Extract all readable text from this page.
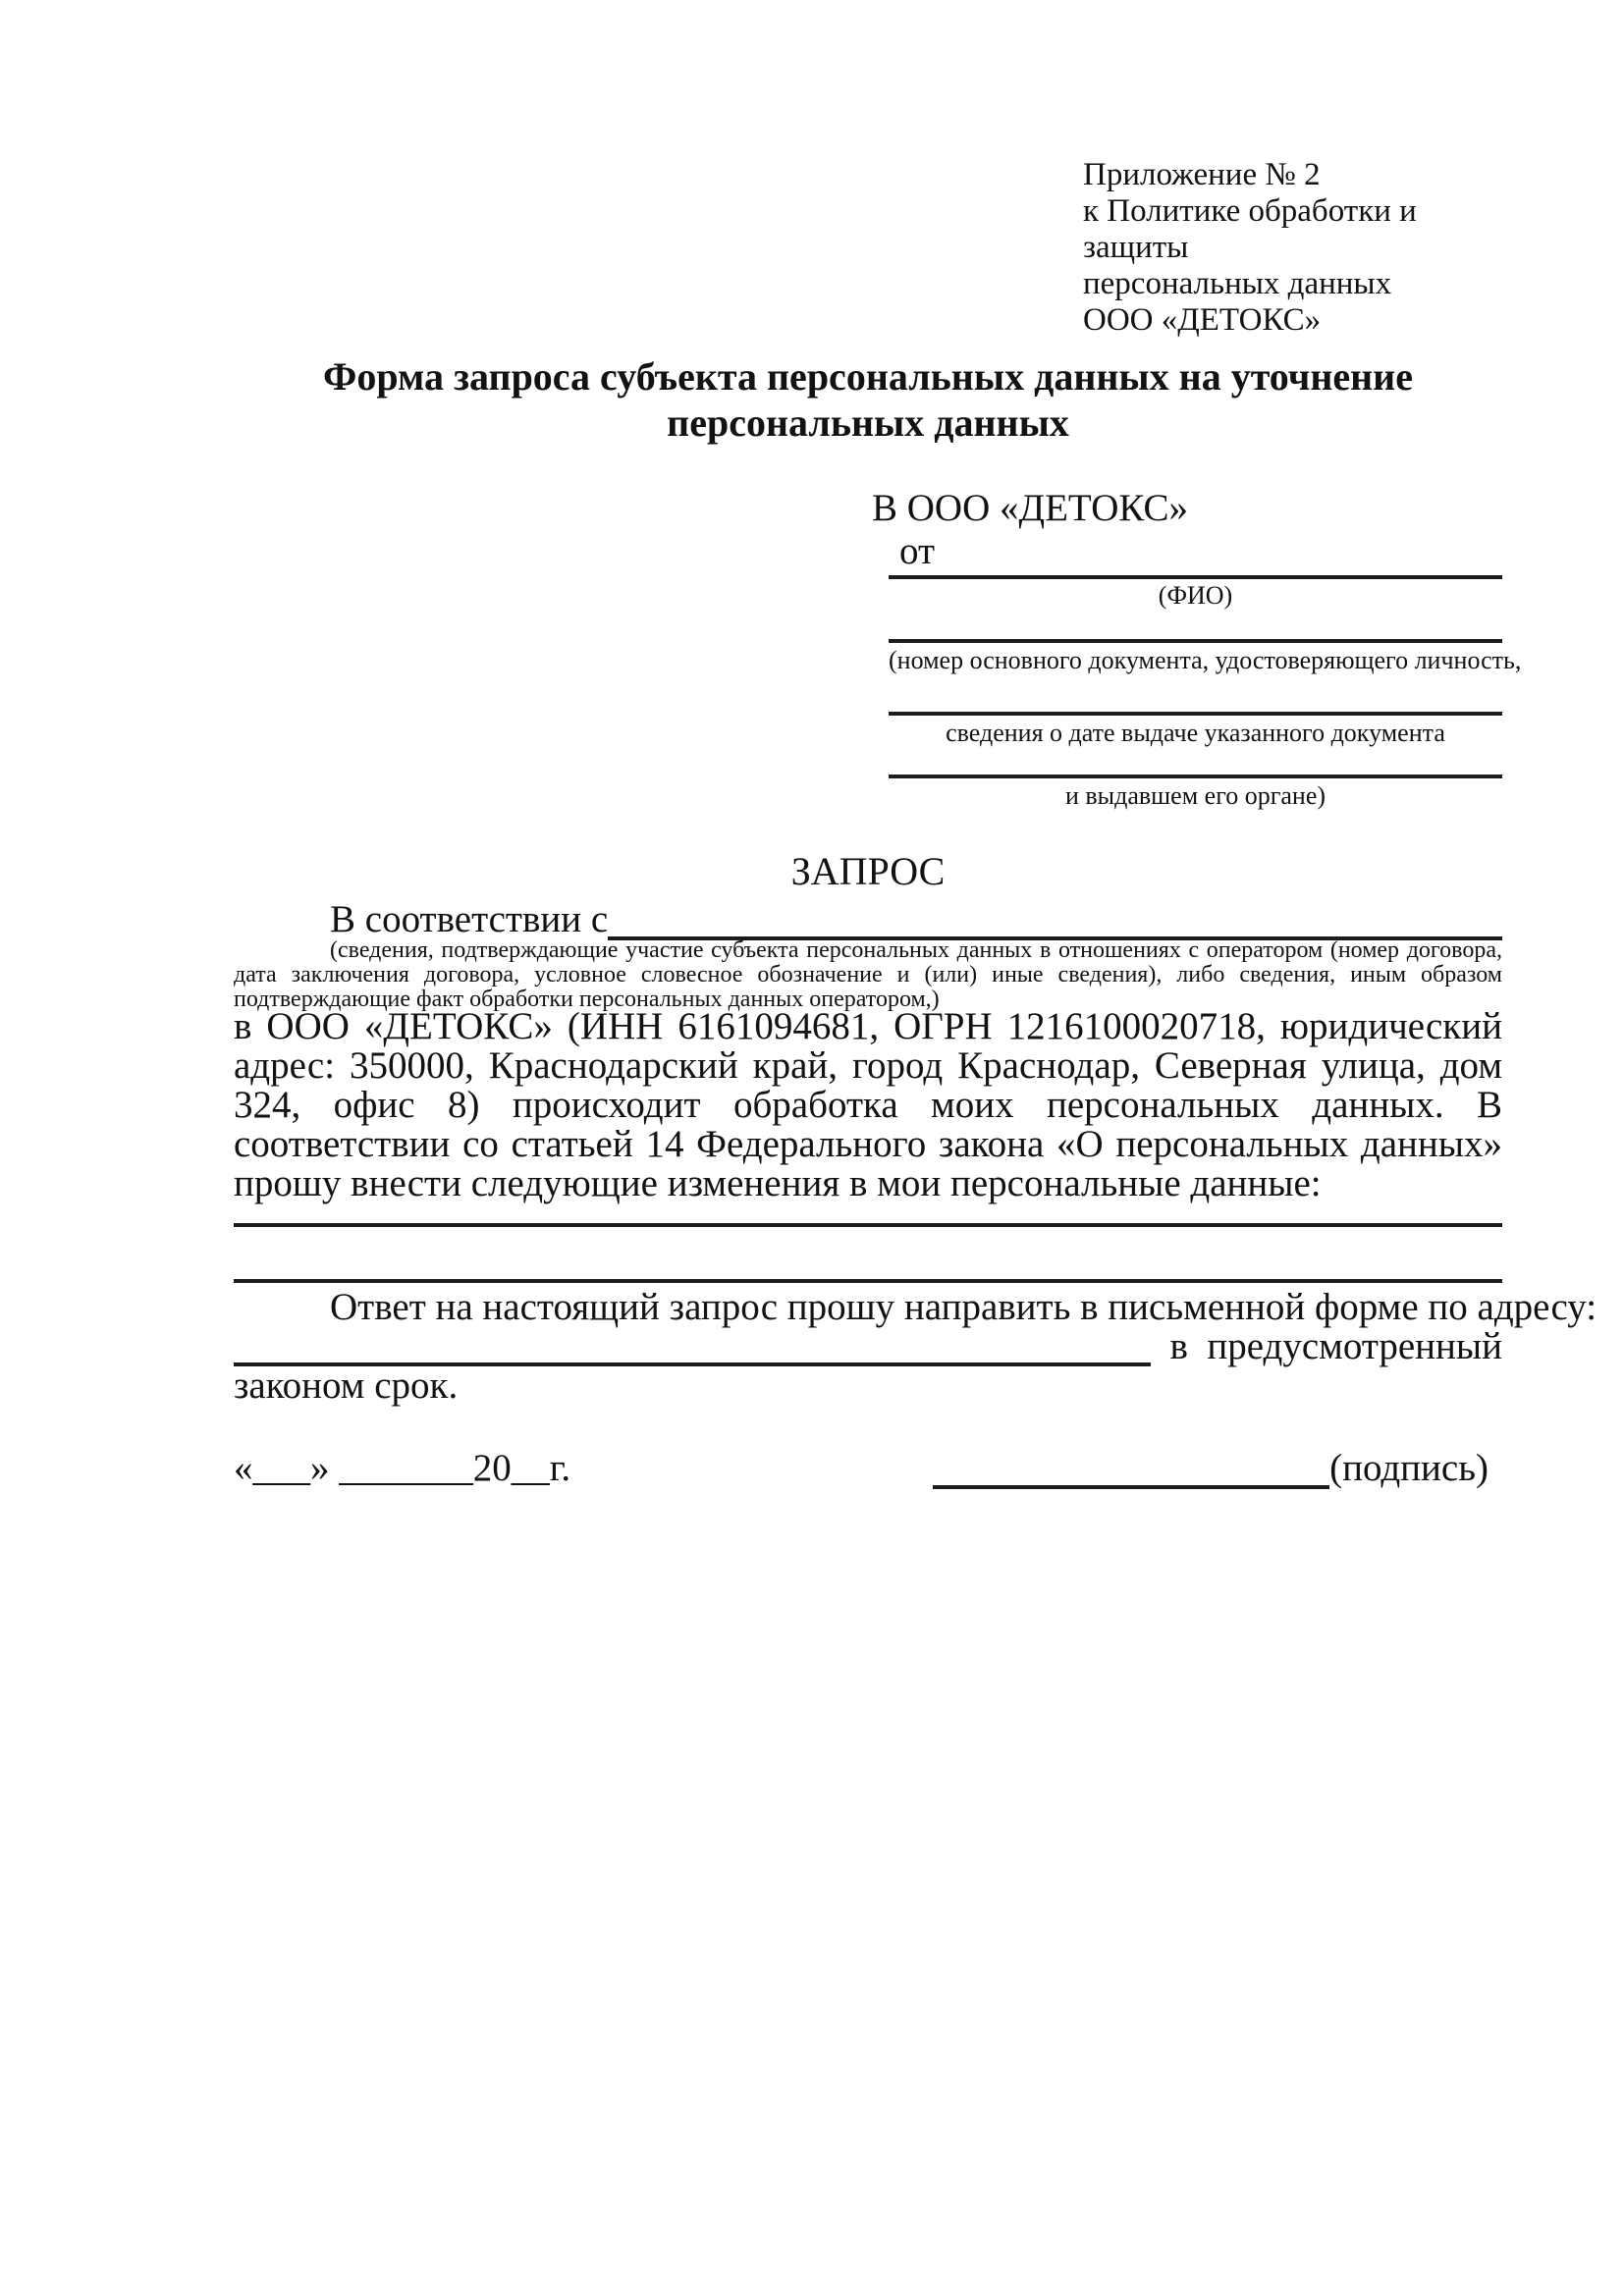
Приложение № 2
к Политике обработки и защиты
персональных данных
ООО «ДЕТОКС»
Форма запроса субъекта персональных данных на уточнение персональных данных
В ООО «ДЕТОКС»
от
(ФИО)
(номер основного документа, удостоверяющего личность,
сведения о дате выдаче указанного документа
и выдавшем его органе)
ЗАПРОС
В соответствии с
(сведения, подтверждающие участие субъекта персональных данных в отношениях с оператором (номер договора, дата заключения договора, условное словесное обозначение и (или) иные сведения), либо сведения, иным образом подтверждающие факт обработки персональных данных оператором,)
в ООО «ДЕТОКС» (ИНН 6161094681, ОГРН 1216100020718, юридический адрес: 350000, Краснодарский край, город Краснодар, Северная улица, дом 324, офис 8) происходит обработка моих персональных данных. В соответствии со статьей 14 Федерального закона «О персональных данных» прошу внести следующие изменения в мои персональные данные:
Ответ на настоящий запрос прошу направить в письменной форме по адресу:
в предусмотренный
законом срок.
«___» _______20__г.	(подпись)
